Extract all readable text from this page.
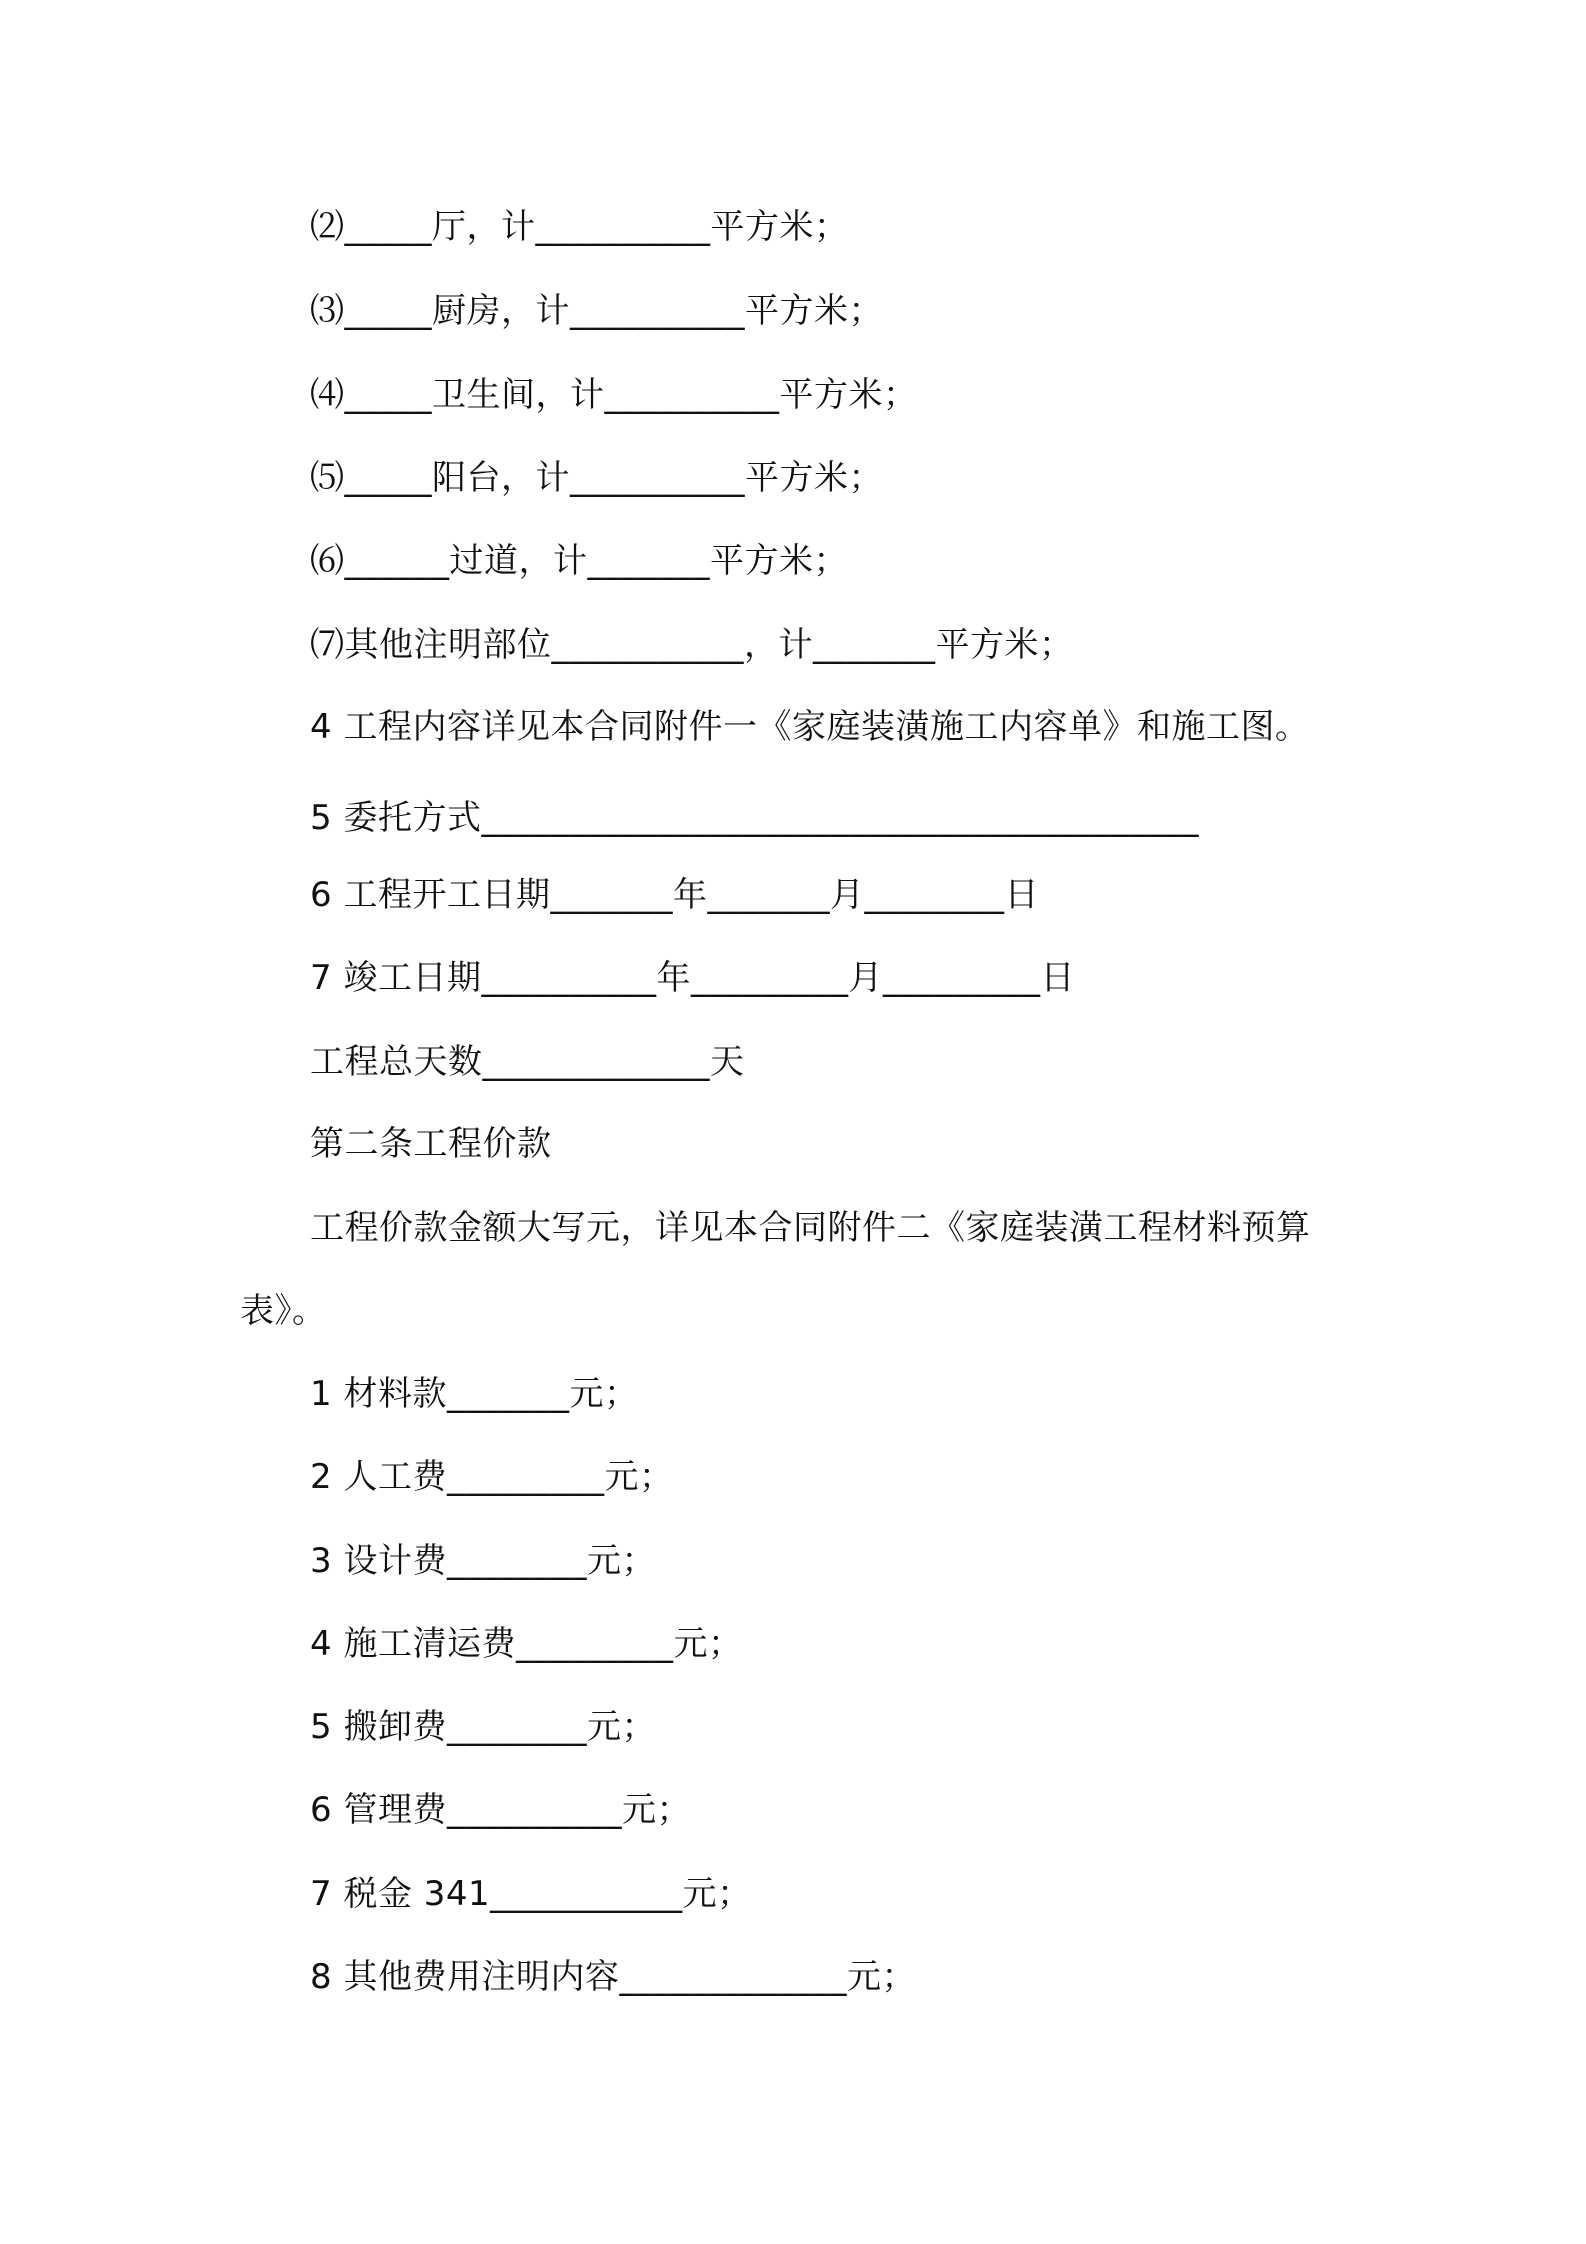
⑵_____厅，计__________平方米；
⑶_____厨房，计__________平方米；
⑷_____卫生间，计__________平方米；
⑸_____阳台，计__________平方米；
⑹______过道，计_______平方米；
⑺其他注明部位___________，计_______平方米；
4 工程内容详见本合同附件一《家庭装潢施工内容单》和施工图。
5 委托方式_________________________________________
6 工程开工日期_______年_______月________日
7 竣工日期__________年_________月_________日
工程总天数_____________天
第二条工程价款
工程价款金额大写元，详见本合同附件二《家庭装潢工程材料预算
表》。
1 材料款_______元；
2 人工费_________元；
3 设计费________元；
4 施工清运费_________元；
5 搬卸费________元；
6 管理费__________元；
7 税金 341___________元；
8 其他费用注明内容_____________元；
